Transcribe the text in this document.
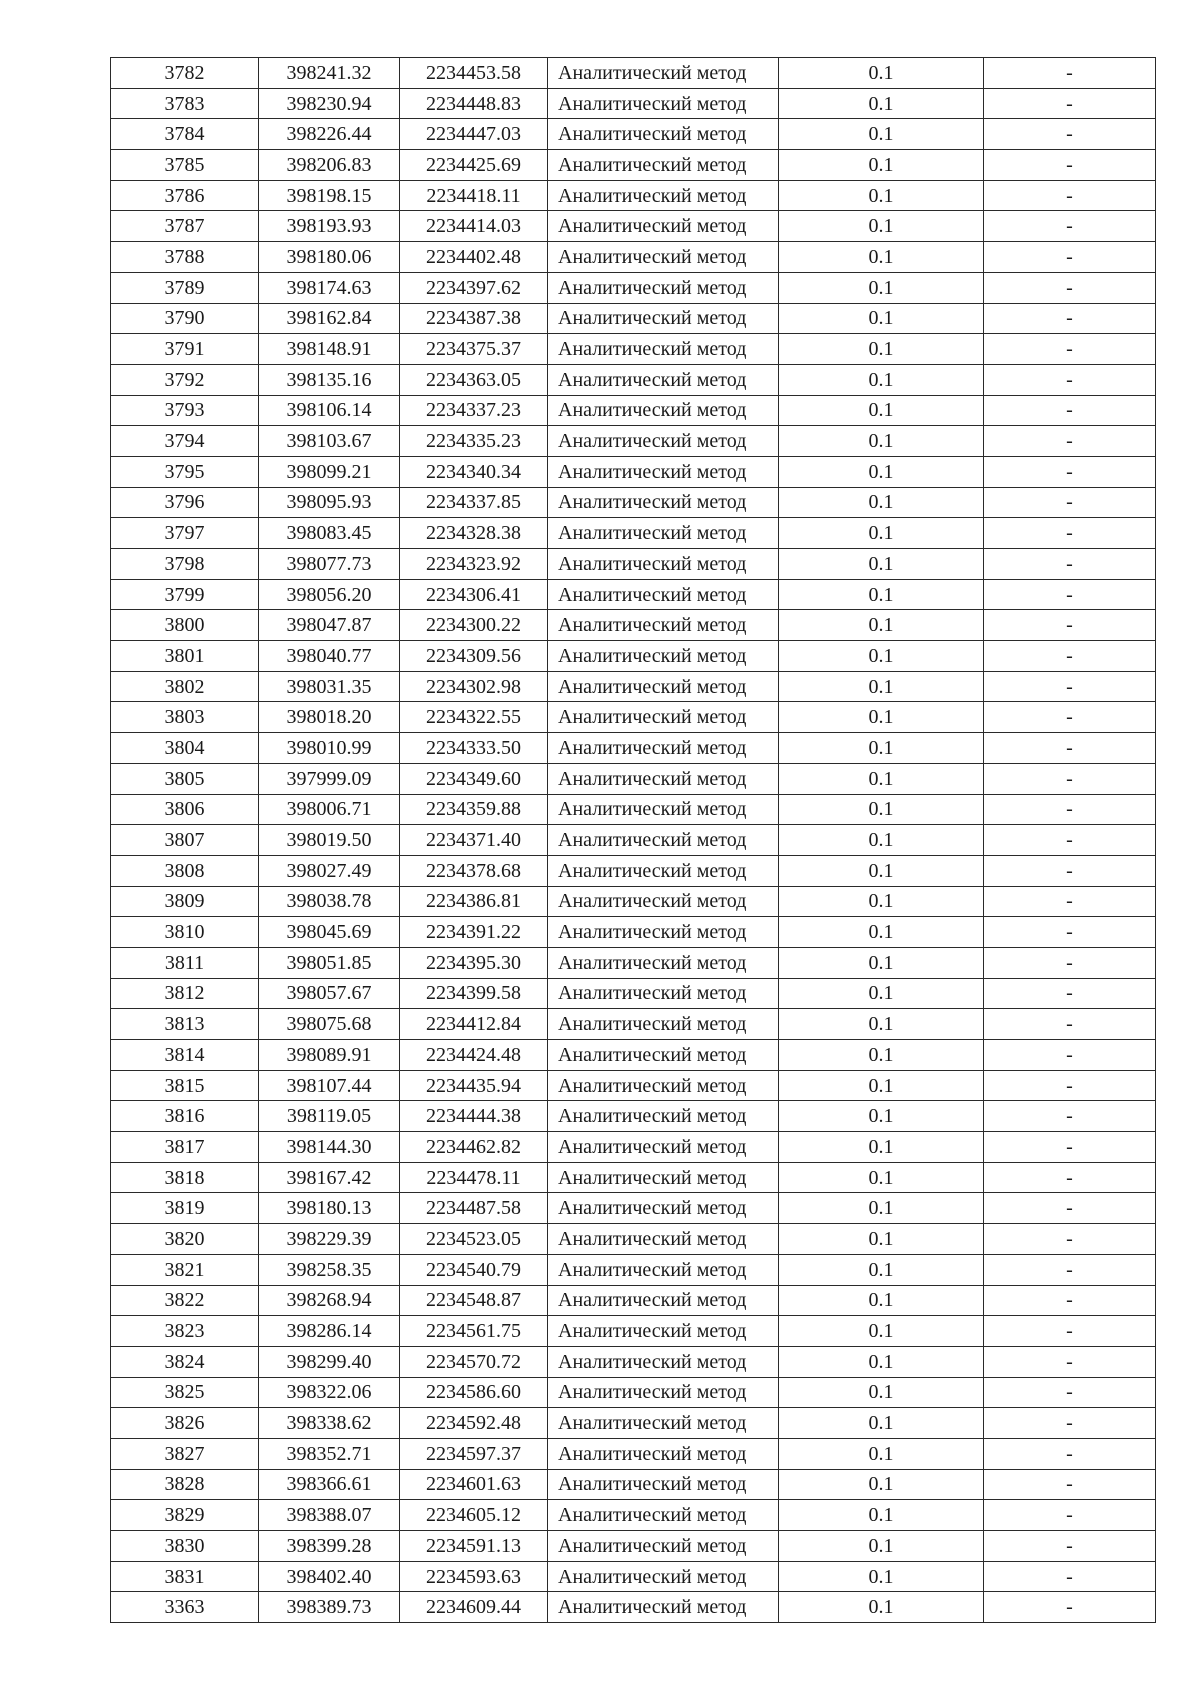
3782	398241.32	2234453.58	Аналитический метод	0.1	-
3783	398230.94	2234448.83	Аналитический метод	0.1	-
3784	398226.44	2234447.03	Аналитический метод	0.1	-
3785	398206.83	2234425.69	Аналитический метод	0.1	-
3786	398198.15	2234418.11	Аналитический метод	0.1	-
3787	398193.93	2234414.03	Аналитический метод	0.1	-
3788	398180.06	2234402.48	Аналитический метод	0.1	-
3789	398174.63	2234397.62	Аналитический метод	0.1	-
3790	398162.84	2234387.38	Аналитический метод	0.1	-
3791	398148.91	2234375.37	Аналитический метод	0.1	-
3792	398135.16	2234363.05	Аналитический метод	0.1	-
3793	398106.14	2234337.23	Аналитический метод	0.1	-
3794	398103.67	2234335.23	Аналитический метод	0.1	-
3795	398099.21	2234340.34	Аналитический метод	0.1	-
3796	398095.93	2234337.85	Аналитический метод	0.1	-
3797	398083.45	2234328.38	Аналитический метод	0.1	-
3798	398077.73	2234323.92	Аналитический метод	0.1	-
3799	398056.20	2234306.41	Аналитический метод	0.1	-
3800	398047.87	2234300.22	Аналитический метод	0.1	-
3801	398040.77	2234309.56	Аналитический метод	0.1	-
3802	398031.35	2234302.98	Аналитический метод	0.1	-
3803	398018.20	2234322.55	Аналитический метод	0.1	-
3804	398010.99	2234333.50	Аналитический метод	0.1	-
3805	397999.09	2234349.60	Аналитический метод	0.1	-
3806	398006.71	2234359.88	Аналитический метод	0.1	-
3807	398019.50	2234371.40	Аналитический метод	0.1	-
3808	398027.49	2234378.68	Аналитический метод	0.1	-
3809	398038.78	2234386.81	Аналитический метод	0.1	-
3810	398045.69	2234391.22	Аналитический метод	0.1	-
3811	398051.85	2234395.30	Аналитический метод	0.1	-
3812	398057.67	2234399.58	Аналитический метод	0.1	-
3813	398075.68	2234412.84	Аналитический метод	0.1	-
3814	398089.91	2234424.48	Аналитический метод	0.1	-
3815	398107.44	2234435.94	Аналитический метод	0.1	-
3816	398119.05	2234444.38	Аналитический метод	0.1	-
3817	398144.30	2234462.82	Аналитический метод	0.1	-
3818	398167.42	2234478.11	Аналитический метод	0.1	-
3819	398180.13	2234487.58	Аналитический метод	0.1	-
3820	398229.39	2234523.05	Аналитический метод	0.1	-
3821	398258.35	2234540.79	Аналитический метод	0.1	-
3822	398268.94	2234548.87	Аналитический метод	0.1	-
3823	398286.14	2234561.75	Аналитический метод	0.1	-
3824	398299.40	2234570.72	Аналитический метод	0.1	-
3825	398322.06	2234586.60	Аналитический метод	0.1	-
3826	398338.62	2234592.48	Аналитический метод	0.1	-
3827	398352.71	2234597.37	Аналитический метод	0.1	-
3828	398366.61	2234601.63	Аналитический метод	0.1	-
3829	398388.07	2234605.12	Аналитический метод	0.1	-
3830	398399.28	2234591.13	Аналитический метод	0.1	-
3831	398402.40	2234593.63	Аналитический метод	0.1	-
3363	398389.73	2234609.44	Аналитический метод	0.1	-
